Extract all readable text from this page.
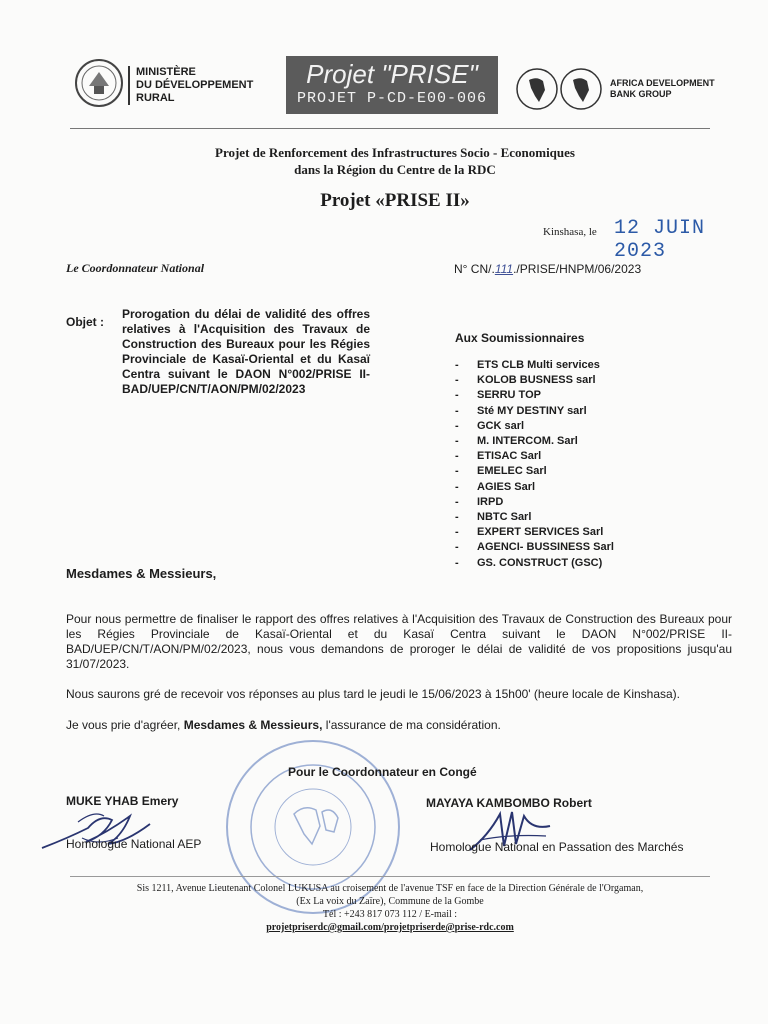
MINISTÈRE
DU DÉVELOPPEMENT RURAL
Projet "PRISE"
PROJET P-CD-E00-006
AFRICA DEVELOPMENT
BANK GROUP
Projet de Renforcement des Infrastructures Socio - Economiques
dans la Région du Centre de la RDC
Projet «PRISE II»
Kinshasa, le 12 JUIN 2023
Le Coordonnateur National	N° CN/.111./PRISE/HNPM/06/2023
Objet :
Prorogation du délai de validité des offres relatives à l'Acquisition des Travaux de Construction des Bureaux pour les Régies Provinciale de Kasaï-Oriental et du Kasaï Centra suivant le DAON N°002/PRISE II-BAD/UEP/CN/T/AON/PM/02/2023
Aux Soumissionnaires
-	ETS CLB Multi services
-	KOLOB BUSNESS sarl
-	SERRU TOP
-	Sté MY DESTINY sarl
-	GCK sarl
-	M. INTERCOM. Sarl
-	ETISAC Sarl
-	EMELEC Sarl
-	AGIES Sarl
-	IRPD
-	NBTC Sarl
-	EXPERT SERVICES Sarl
-	AGENCI- BUSSINESS Sarl
-	GS. CONSTRUCT (GSC)
Mesdames & Messieurs,
Pour nous permettre de finaliser le rapport des offres relatives à l'Acquisition des Travaux de Construction des Bureaux pour les Régies Provinciale de Kasaï-Oriental et du Kasaï Centra suivant le DAON N°002/PRISE II-BAD/UEP/CN/T/AON/PM/02/2023, nous vous demandons de proroger le délai de validité de vos propositions jusqu'au 31/07/2023.
Nous saurons gré de recevoir vos réponses au plus tard le jeudi le 15/06/2023 à 15h00' (heure locale de Kinshasa).
Je vous prie d'agréer, Mesdames & Messieurs, l'assurance de ma considération.
Pour le Coordonnateur en Congé
MUKE YHAB Emery
Homologue National AEP
MAYAYA KAMBOMBO Robert
Homologue National en Passation des Marchés
Sis 1211, Avenue Lieutenant Colonel LUKUSA au croisement de l'avenue TSF en face de la Direction Générale de l'Orgaman,
(Ex La voix du Zaïre), Commune de la Gombe
Tél : +243 817 073 112 / E-mail :
projetpriserdc@gmail.com/projetpriserde@prise-rdc.com
